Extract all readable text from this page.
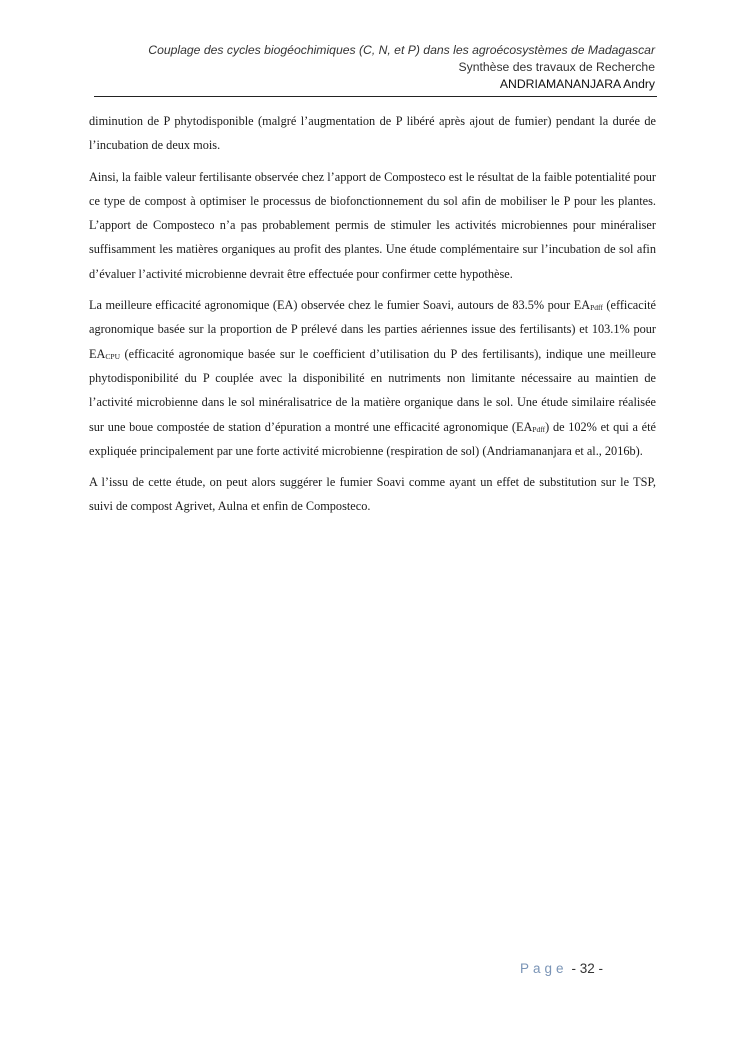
Couplage des cycles biogéochimiques (C, N, et P) dans les agroécosystèmes de Madagascar
Synthèse des travaux de Recherche
ANDRIAMANANJARA Andry

diminution de P phytodisponible (malgré l’augmentation de P libéré après ajout de fumier) pendant la durée de l’incubation de deux mois.

Ainsi, la faible valeur fertilisante observée chez l’apport de Composteco est le résultat de la faible potentialité pour ce type de compost à optimiser le processus de biofonctionnement du sol afin de mobiliser le P pour les plantes. L’apport de Composteco n’a pas probablement permis de stimuler les activités microbiennes pour minéraliser suffisamment les matières organiques au profit des plantes. Une étude complémentaire sur l’incubation de sol afin d’évaluer l’activité microbienne devrait être effectuée pour confirmer cette hypothèse.

La meilleure efficacité agronomique (EA) observée chez le fumier Soavi, autours de 83.5% pour $EA_{Pdff}$ (efficacité agronomique basée sur la proportion de P prélevé dans les parties aériennes issue des fertilisants) et 103.1% pour $EA_{CPU}$ (efficacité agronomique basée sur le coefficient d’utilisation du P des fertilisants), indique une meilleure phytodisponibilité du P couplée avec la disponibilité en nutriments non limitante nécessaire au maintien de l’activité microbienne dans le sol minéralisatrice de la matière organique dans le sol. Une étude similaire réalisée sur une boue compostée de station d’épuration a montré une efficacité agronomique $(EA_{Pdff})$ de 102% et qui a été expliquée principalement par une forte activité microbienne (respiration de sol) (Andriamananjara et al., 2016b).

A l’issu de cette étude, on peut alors suggérer le fumier Soavi comme ayant un effet de substitution sur le TSP, suivi de compost Agrivet, Aulna et enfin de Composteco.

Page - 32 -
